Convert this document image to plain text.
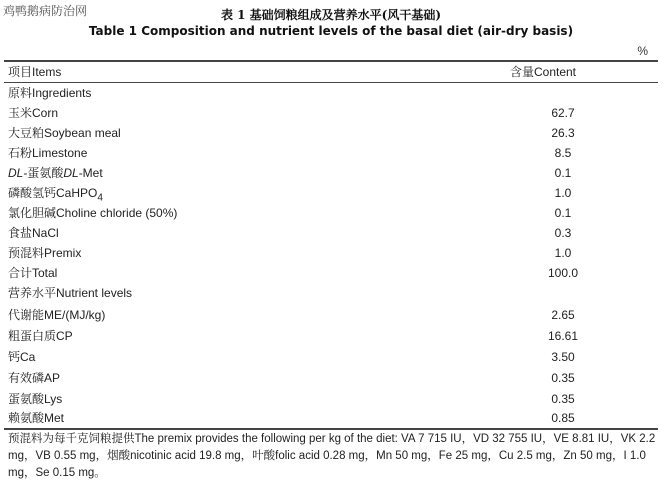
鸡鸭鹅病防治网	表 1 基础饲粮组成及营养水平(风干基础)
Table 1 Composition and nutrient levels of the basal diet (air-dry basis)
%
项目Items	含量Content
原料Ingredients
玉米Corn	62.7
大豆粕Soybean meal	26.3
石粉Limestone	8.5
DL-蛋氨酸DL-Met	0.1
磷酸氢钙CaHPO$_4$	1.0
氯化胆碱Choline chloride (50%)	0.1
食盐NaCl	0.3
预混料Premix	1.0
合计Total	100.0
营养水平Nutrient levels
代谢能ME/(MJ/kg)	2.65
粗蛋白质CP	16.61
钙Ca	3.50
有效磷AP	0.35
蛋氨酸Lys	0.35
赖氨酸Met	0.85
预混料为每千克饲粮提供The premix provides the following per kg of the diet: VA 7 715 IU，VD 32 755 IU，VE 8.81 IU，VK 2.2 mg，VB 0.55 mg，烟酸nicotinic acid 19.8 mg，叶酸folic acid 0.28 mg，Mn 50 mg，Fe 25 mg，Cu 2.5 mg，Zn 50 mg，I 1.0 mg，Se 0.15 mg。
